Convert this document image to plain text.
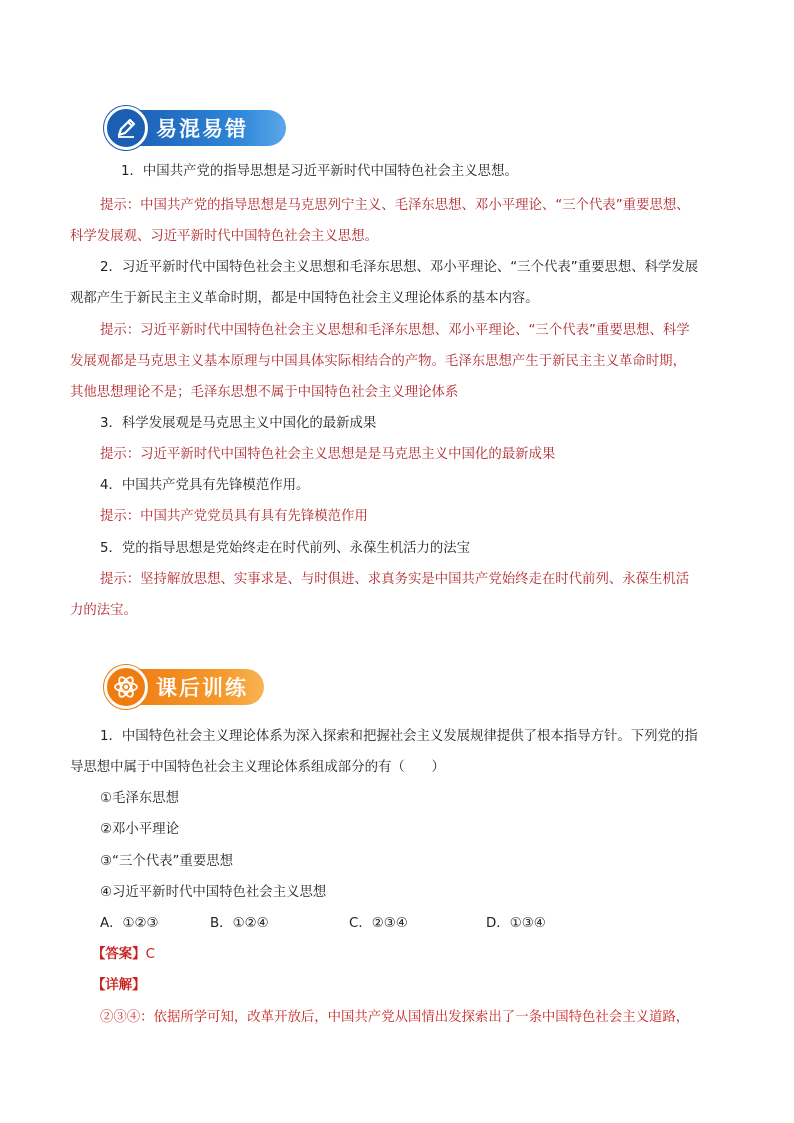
易混易错
1．中国共产党的指导思想是习近平新时代中国特色社会主义思想。
提示：中国共产党的指导思想是马克思列宁主义、毛泽东思想、邓小平理论、“三个代表”重要思想、
科学发展观、习近平新时代中国特色社会主义思想。
2．习近平新时代中国特色社会主义思想和毛泽东思想、邓小平理论、“三个代表”重要思想、科学发展
观都产生于新民主主义革命时期，都是中国特色社会主义理论体系的基本内容。
提示：习近平新时代中国特色社会主义思想和毛泽东思想、邓小平理论、“三个代表”重要思想、科学
发展观都是马克思主义基本原理与中国具体实际相结合的产物。毛泽东思想产生于新民主主义革命时期，
其他思想理论不是；毛泽东思想不属于中国特色社会主义理论体系
3．科学发展观是马克思主义中国化的最新成果
提示：习近平新时代中国特色社会主义思想是是马克思主义中国化的最新成果
4．中国共产党具有先锋模范作用。
提示：中国共产党党员具有具有先锋模范作用
5．党的指导思想是党始终走在时代前列、永葆生机活力的法宝
提示：坚持解放思想、实事求是、与时俱进、求真务实是中国共产党始终走在时代前列、永葆生机活
力的法宝。
课后训练
1．中国特色社会主义理论体系为深入探索和把握社会主义发展规律提供了根本指导方针。下列党的指
导思想中属于中国特色社会主义理论体系组成部分的有（　　）
①毛泽东思想
②邓小平理论
③“三个代表”重要思想
④习近平新时代中国特色社会主义思想
A．①②③	B．①②④	C．②③④	D．①③④
【答案】C
【详解】
②③④：依据所学可知，改革开放后，中国共产党从国情出发探索出了一条中国特色社会主义道路，
